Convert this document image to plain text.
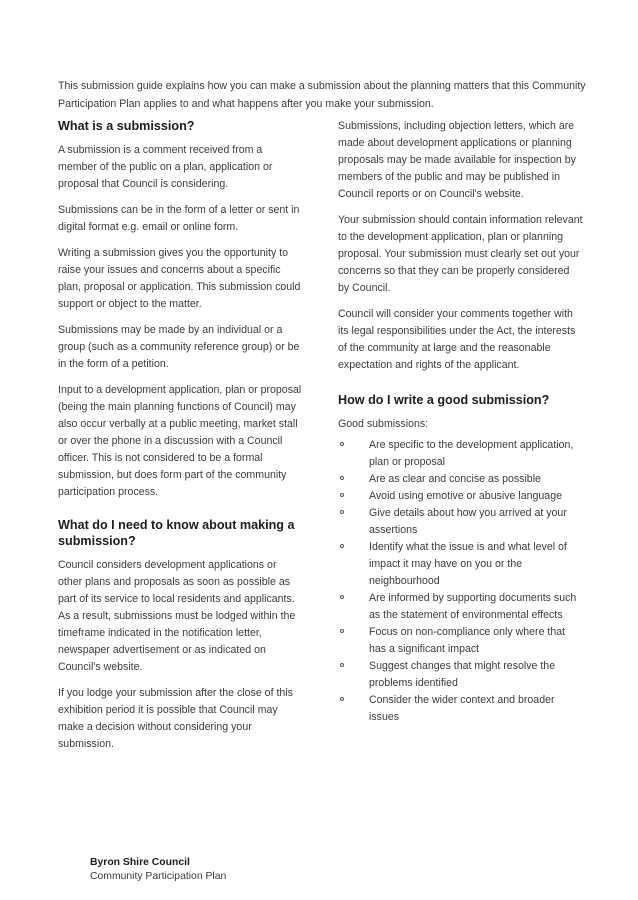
This submission guide explains how you can make a submission about the planning matters that this Community Participation Plan applies to and what happens after you make your submission.
What is a submission?

A submission is a comment received from a member of the public on a plan, application or proposal that Council is considering.

Submissions can be in the form of a letter or sent in digital format e.g. email or online form.

Writing a submission gives you the opportunity to raise your issues and concerns about a specific plan, proposal or application. This submission could support or object to the matter.

Submissions may be made by an individual or a group (such as a community reference group) or be in the form of a petition.

Input to a development application, plan or proposal (being the main planning functions of Council) may also occur verbally at a public meeting, market stall or over the phone in a discussion with a Council officer. This is not considered to be a formal submission, but does form part of the community participation process.

What do I need to know about making a submission?

Council considers development applications or other plans and proposals as soon as possible as part of its service to local residents and applicants. As a result, submissions must be lodged within the timeframe indicated in the notification letter, newspaper advertisement or as indicated on Council's website.

If you lodge your submission after the close of this exhibition period it is possible that Council may make a decision without considering your submission.

Submissions, including objection letters, which are made about development applications or planning proposals may be made available for inspection by members of the public and may be published in Council reports or on Council's website.

Your submission should contain information relevant to the development application, plan or planning proposal. Your submission must clearly set out your concerns so that they can be properly considered by Council.

Council will consider your comments together with its legal responsibilities under the Act, the interests of the community at large and the reasonable expectation and rights of the applicant.

How do I write a good submission?

Good submissions:

Are specific to the development application, plan or proposal
Are as clear and concise as possible
Avoid using emotive or abusive language
Give details about how you arrived at your assertions
Identify what the issue is and what level of impact it may have on you or the neighbourhood
Are informed by supporting documents such as the statement of environmental effects
Focus on non-compliance only where that has a significant impact
Suggest changes that might resolve the problems identified
Consider the wider context and broader issues
Byron Shire Council
Community Participation Plan
